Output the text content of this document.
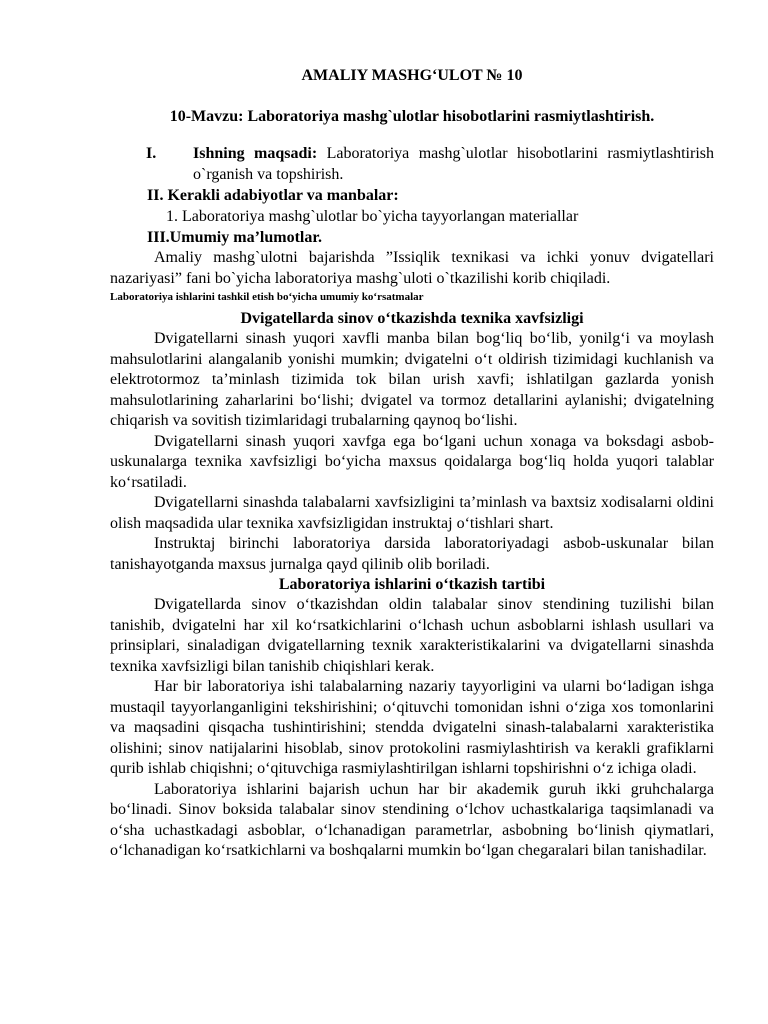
AMALIY MASHG‘ULOT № 10
10-Mavzu: Laboratoriya mashg`ulotlar hisobotlarini rasmiytlashtirish.
I.	Ishning maqsadi: Laboratoriya mashg`ulotlar hisobotlarini rasmiytlashtirish o`rganish va topshirish.
II. Kerakli adabiyotlar va manbalar:
1. Laboratoriya mashg`ulotlar bo`yicha tayyorlangan materiallar
III.Umumiy ma’lumotlar.

Amaliy mashg`ulotni bajarishda ”Issiqlik texnikasi va ichki yonuv dvigatellari nazariyasi” fani bo`yicha laboratoriya mashg`uloti o`tkazilishi korib chiqiladi.

Laboratoriya ishlarini tashkil etish bo‘yicha umumiy ko‘rsatmalar
Dvigatellarda sinov o‘tkazishda texnika xavfsizligi

Dvigatellarni sinash yuqori xavfli manba bilan bog‘liq bo‘lib, yonilg‘i va moylash mahsulotlarini alangalanib yonishi mumkin; dvigatelni o‘t oldirish tizimidagi kuchlanish va elektrotormoz ta’minlash tizimida tok bilan urish xavfi; ishlatilgan gazlarda yonish mahsulotlarining zaharlarini bo‘lishi; dvigatel va tormoz detallarini aylanishi; dvigatelning chiqarish va sovitish tizimlaridagi trubalarning qaynoq bo‘lishi.

Dvigatellarni sinash yuqori xavfga ega bo‘lgani uchun xonaga va boksdagi asbob-uskunalarga texnika xavfsizligi bo‘yicha maxsus qoidalarga bog‘liq holda yuqori talablar ko‘rsatiladi.

Dvigatellarni sinashda talabalarni xavfsizligini ta’minlash va baxtsiz xodisalarni oldini olish maqsadida ular texnika xavfsizligidan instruktaj o‘tishlari shart.

Instruktaj birinchi laboratoriya darsida laboratoriyadagi asbob-uskunalar bilan tanishayotganda maxsus jurnalga qayd qilinib olib boriladi.

Laboratoriya ishlarini o‘tkazish tartibi

Dvigatellarda sinov o‘tkazishdan oldin talabalar sinov stendining tuzilishi bilan tanishib, dvigatelni har xil ko‘rsatkichlarini o‘lchash uchun asboblarni ishlash usullari va prinsiplari, sinaladigan dvigatellarning texnik xarakteristikalarini va dvigatellarni sinashda texnika xavfsizligi bilan tanishib chiqishlari kerak.

Har bir laboratoriya ishi talabalarning nazariy tayyorligini va ularni bo‘ladigan ishga mustaqil tayyorlanganligini tekshirishini; o‘qituvchi tomonidan ishni o‘ziga xos tomonlarini va maqsadini qisqacha tushintirishini; stendda dvigatelni sinash-talabalarni xarakteristika olishini; sinov natijalarini hisoblab, sinov protokolini rasmiylashtirish va kerakli grafiklarni qurib ishlab chiqishni; o‘qituvchiga rasmiylashtirilgan ishlarni topshirishni o‘z ichiga oladi.

Laboratoriya ishlarini bajarish uchun har bir akademik guruh ikki gruhchalarga bo‘linadi. Sinov boksida talabalar sinov stendining o‘lchov uchastkalariga taqsimlanadi va o‘sha uchastkadagi asboblar, o‘lchanadigan parametrlar, asbobning bo‘linish qiymatlari, o‘lchanadigan ko‘rsatkichlarni va boshqalarni mumkin bo‘lgan chegaralari bilan tanishadilar.
